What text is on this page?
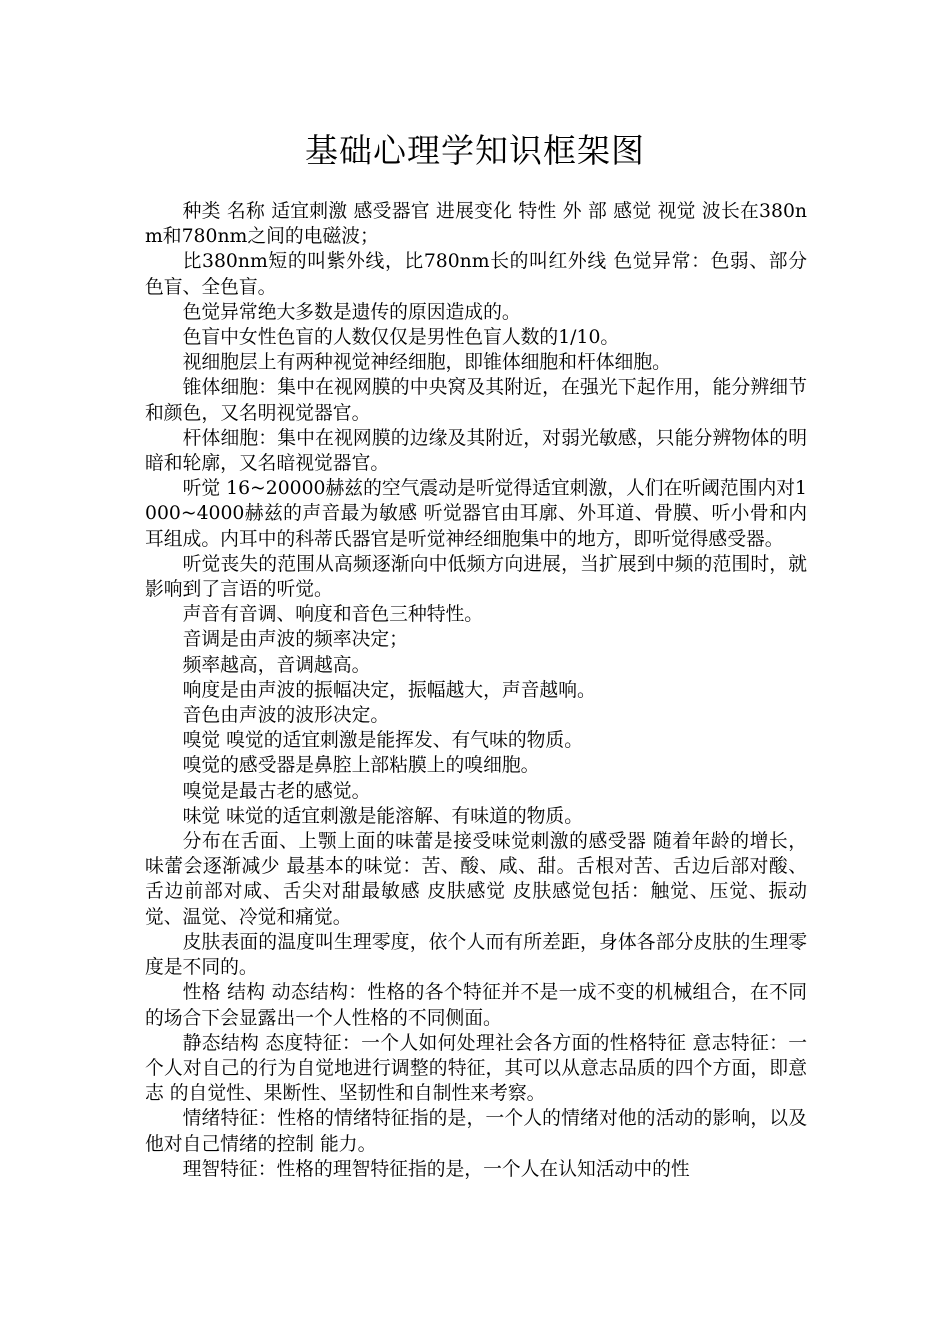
基础心理学知识框架图

种类 名称 适宜刺激 感受器官 进展变化 特性 外 部 感觉 视觉 波长在380nm和780nm之间的电磁波；

比380nm短的叫紫外线，比780nm长的叫红外线 色觉异常：色弱、部分色盲、全色盲。

色觉异常绝大多数是遗传的原因造成的。

色盲中女性色盲的人数仅仅是男性色盲人数的1/10。

视细胞层上有两种视觉神经细胞，即锥体细胞和杆体细胞。

锥体细胞：集中在视网膜的中央窝及其附近，在强光下起作用，能分辨细节和颜色，又名明视觉器官。

杆体细胞：集中在视网膜的边缘及其附近，对弱光敏感，只能分辨物体的明暗和轮廓，又名暗视觉器官。

听觉 16~20000赫兹的空气震动是听觉得适宜刺激，人们在听阈范围内对1000~4000赫兹的声音最为敏感 听觉器官由耳廓、外耳道、骨膜、听小骨和内耳组成。内耳中的科蒂氏器官是听觉神经细胞集中的地方，即听觉得感受器。

听觉丧失的范围从高频逐渐向中低频方向进展，当扩展到中频的范围时，就影响到了言语的听觉。

声音有音调、响度和音色三种特性。

音调是由声波的频率决定；

频率越高，音调越高。

响度是由声波的振幅决定，振幅越大，声音越响。

音色由声波的波形决定。

嗅觉 嗅觉的适宜刺激是能挥发、有气味的物质。

嗅觉的感受器是鼻腔上部粘膜上的嗅细胞。

嗅觉是最古老的感觉。

味觉 味觉的适宜刺激是能溶解、有味道的物质。

分布在舌面、上颚上面的味蕾是接受味觉刺激的感受器 随着年龄的增长，味蕾会逐渐减少 最基本的味觉：苦、酸、咸、甜。舌根对苦、舌边后部对酸、舌边前部对咸、舌尖对甜最敏感 皮肤感觉 皮肤感觉包括：触觉、压觉、振动觉、温觉、冷觉和痛觉。

皮肤表面的温度叫生理零度，依个人而有所差距，身体各部分皮肤的生理零度是不同的。

性格 结构 动态结构：性格的各个特征并不是一成不变的机械组合，在不同的场合下会显露出一个人性格的不同侧面。

静态结构 态度特征：一个人如何处理社会各方面的性格特征 意志特征：一个人对自己的行为自觉地进行调整的特征，其可以从意志品质的四个方面，即意志 的自觉性、果断性、坚韧性和自制性来考察。

情绪特征：性格的情绪特征指的是，一个人的情绪对他的活动的影响，以及他对自己情绪的控制 能力。

理智特征：性格的理智特征指的是，一个人在认知活动中的性
